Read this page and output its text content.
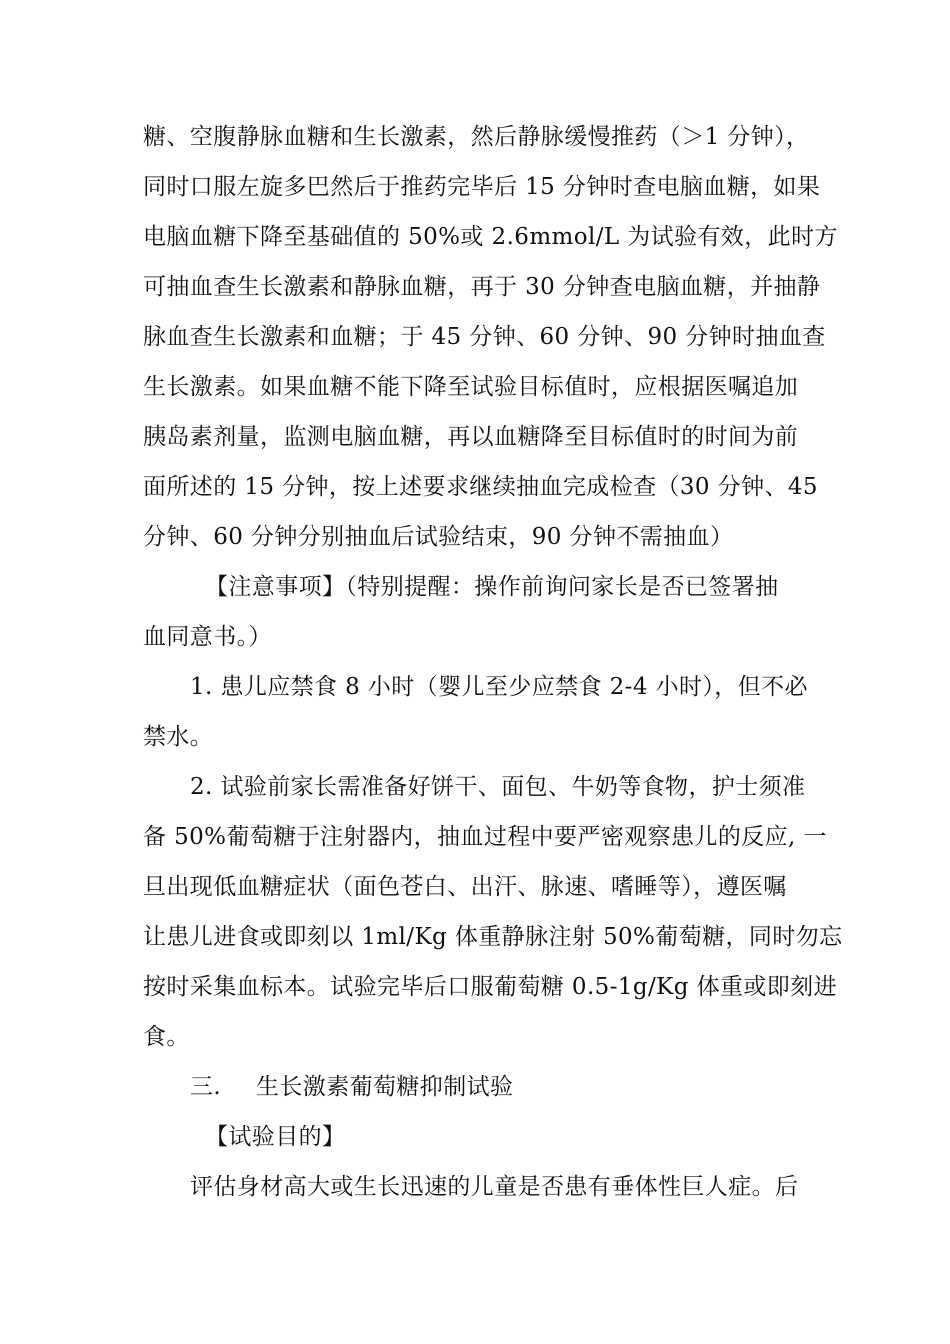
糖、空腹静脉血糖和生长激素，然后静脉缓慢推药（＞1 分钟），
同时口服左旋多巴然后于推药完毕后 15 分钟时查电脑血糖，如果
电脑血糖下降至基础值的 50%或 2.6mmol/L 为试验有效，此时方
可抽血查生长激素和静脉血糖，再于 30 分钟查电脑血糖，并抽静
脉血查生长激素和血糖；于 45 分钟、60 分钟、90 分钟时抽血查
生长激素。如果血糖不能下降至试验目标值时，应根据医嘱追加
胰岛素剂量，监测电脑血糖，再以血糖降至目标值时的时间为前
面所述的 15 分钟，按上述要求继续抽血完成检查（30 分钟、45
分钟、60 分钟分别抽血后试验结束，90 分钟不需抽血）
【注意事项】（特别提醒：操作前询问家长是否已签署抽
血同意书。）
1. 患儿应禁食 8 小时（婴儿至少应禁食 2-4 小时），但不必
禁水。
2. 试验前家长需准备好饼干、面包、牛奶等食物，护士须准
备 50%葡萄糖于注射器内，抽血过程中要严密观察患儿的反应, 一
旦出现低血糖症状（面色苍白、出汗、脉速、嗜睡等），遵医嘱
让患儿进食或即刻以 1ml/Kg 体重静脉注射 50%葡萄糖，同时勿忘
按时采集血标本。试验完毕后口服葡萄糖 0.5-1g/Kg 体重或即刻进
食。
三. 生长激素葡萄糖抑制试验
【试验目的】
评估身材高大或生长迅速的儿童是否患有垂体性巨人症。后
